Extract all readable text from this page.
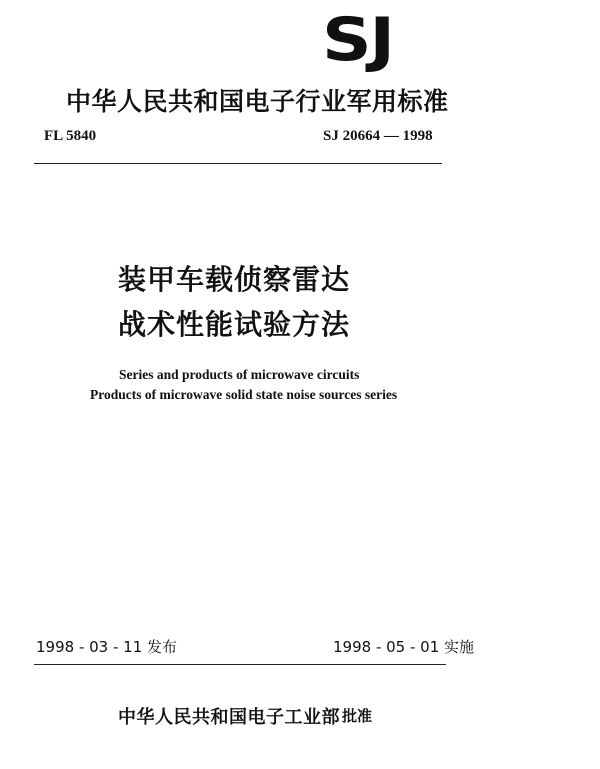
SJ
中华人民共和国电子行业军用标准
FL 5840	SJ 20664 — 1998
装甲车载侦察雷达
战术性能试验方法
Series and products of microwave circuits
Products of microwave solid state noise sources series
1998 - 03 - 11 发布	1998 - 05 - 01 实施
中华人民共和国电子工业部 批准
